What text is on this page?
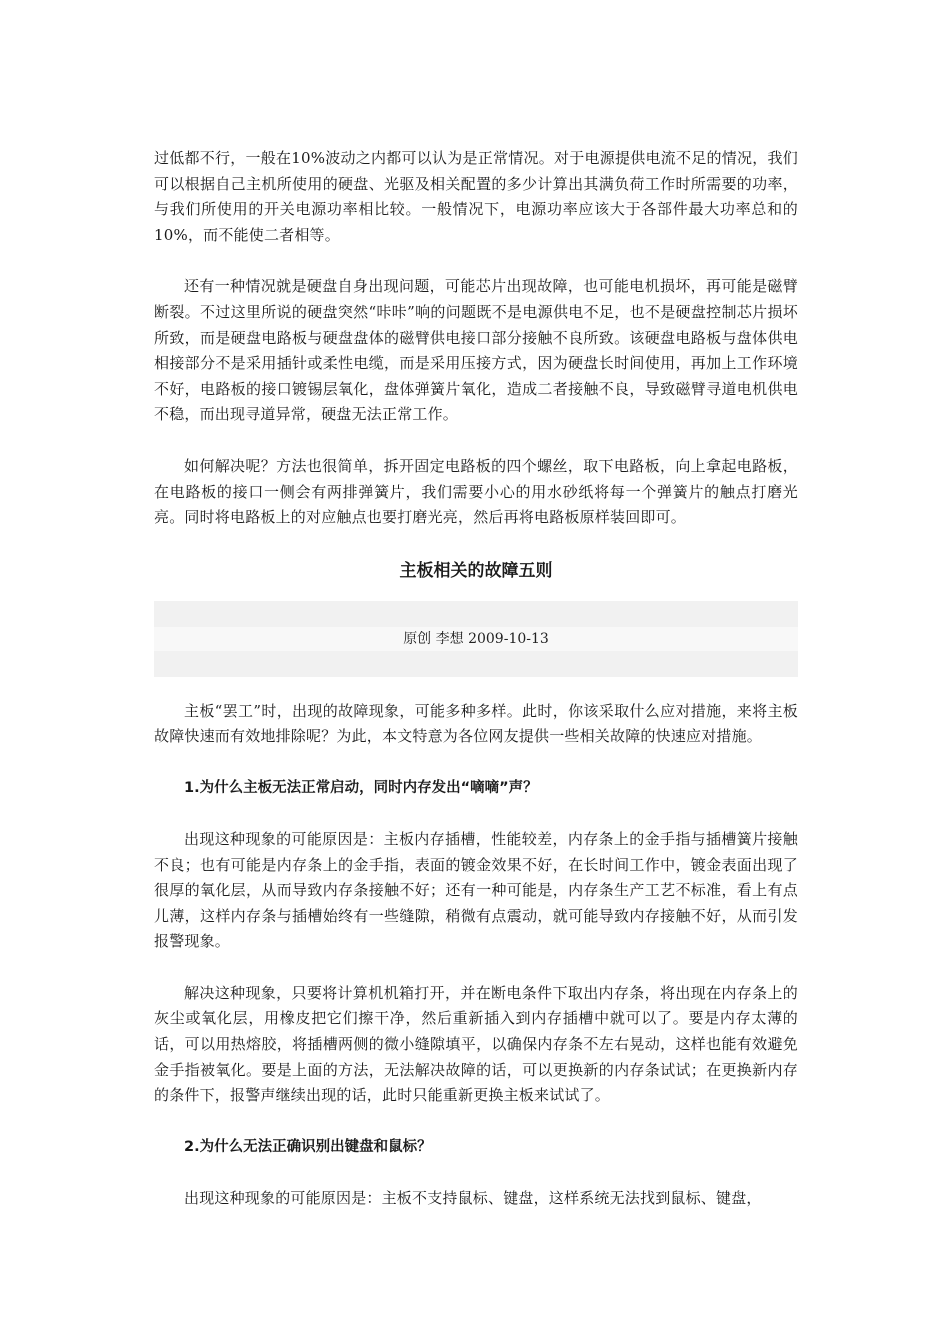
过低都不行，一般在10%波动之内都可以认为是正常情况。对于电源提供电流不足的情况，我们可以根据自己主机所使用的硬盘、光驱及相关配置的多少计算出其满负荷工作时所需要的功率，与我们所使用的开关电源功率相比较。一般情况下，电源功率应该大于各部件最大功率总和的10%，而不能使二者相等。

还有一种情况就是硬盘自身出现问题，可能芯片出现故障，也可能电机损坏，再可能是磁臂断裂。不过这里所说的硬盘突然“咔咔”响的问题既不是电源供电不足，也不是硬盘控制芯片损坏所致，而是硬盘电路板与硬盘盘体的磁臂供电接口部分接触不良所致。该硬盘电路板与盘体供电相接部分不是采用插针或柔性电缆，而是采用压接方式，因为硬盘长时间使用，再加上工作环境不好，电路板的接口镀锡层氧化，盘体弹簧片氧化，造成二者接触不良，导致磁臂寻道电机供电不稳，而出现寻道异常，硬盘无法正常工作。

如何解决呢？方法也很简单，拆开固定电路板的四个螺丝，取下电路板，向上拿起电路板，在电路板的接口一侧会有两排弹簧片，我们需要小心的用水砂纸将每一个弹簧片的触点打磨光亮。同时将电路板上的对应触点也要打磨光亮，然后再将电路板原样装回即可。

主板相关的故障五则
原创 李想 2009-10-13

主板“罢工”时，出现的故障现象，可能多种多样。此时，你该采取什么应对措施，来将主板故障快速而有效地排除呢？为此，本文特意为各位网友提供一些相关故障的快速应对措施。

1.为什么主板无法正常启动，同时内存发出“嘀嘀”声？

出现这种现象的可能原因是：主板内存插槽，性能较差，内存条上的金手指与插槽簧片接触不良；也有可能是内存条上的金手指，表面的镀金效果不好，在长时间工作中，镀金表面出现了很厚的氧化层，从而导致内存条接触不好；还有一种可能是，内存条生产工艺不标准，看上有点儿薄，这样内存条与插槽始终有一些缝隙，稍微有点震动，就可能导致内存接触不好，从而引发报警现象。

解决这种现象，只要将计算机机箱打开，并在断电条件下取出内存条，将出现在内存条上的灰尘或氧化层，用橡皮把它们擦干净，然后重新插入到内存插槽中就可以了。要是内存太薄的话，可以用热熔胶，将插槽两侧的微小缝隙填平，以确保内存条不左右晃动，这样也能有效避免金手指被氧化。要是上面的方法，无法解决故障的话，可以更换新的内存条试试；在更换新内存的条件下，报警声继续出现的话，此时只能重新更换主板来试试了。

2.为什么无法正确识别出键盘和鼠标？

出现这种现象的可能原因是：主板不支持鼠标、键盘，这样系统无法找到鼠标、键盘，
